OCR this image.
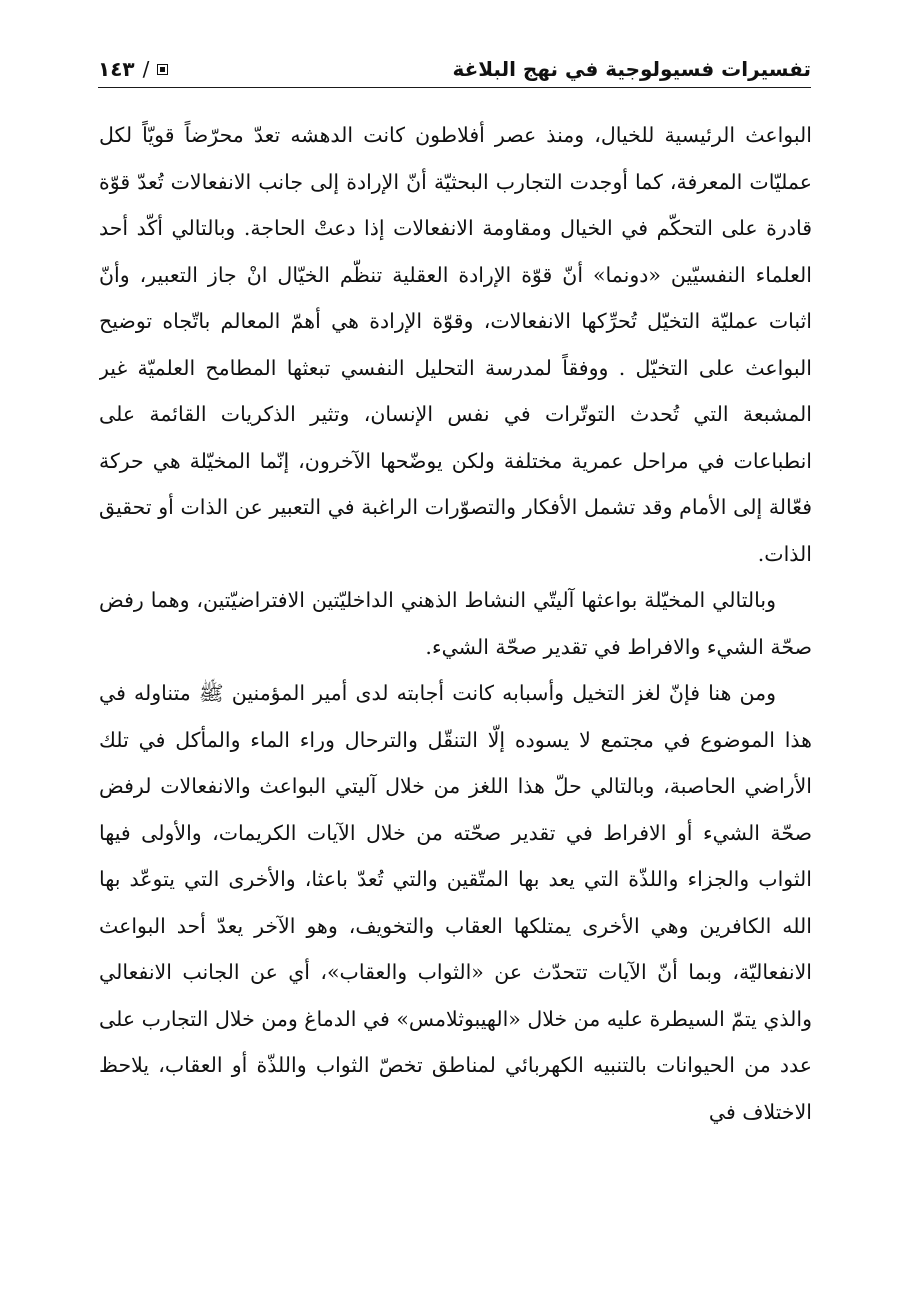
تفسيرات فسيولوجية في نهج البلاغة
١٤٣ /

البواعث الرئيسية للخيال، ومنذ عصر أفلاطون كانت الدهشه تعدّ محرّضاً قويّاً لكل عمليّات المعرفة، كما أوجدت التجارب البحثيّة أنّ الإرادة إلى جانب الانفعالات تُعدّ قوّة قادرة على التحكّم في الخيال ومقاومة الانفعالات إذا دعتْ الحاجة. وبالتالي أكّد أحد العلماء النفسيّين «دونما» أنّ قوّة الإرادة العقلية تنظّم الخيّال انْ جاز التعبير، وأنّ اثبات عمليّة التخيّل تُحرِّكها الانفعالات، وقوّة الإرادة هي أهمّ المعالم باتّجاه توضيح البواعث على التخيّل . ووفقاً لمدرسة التحليل النفسي تبعثها المطامح العلميّة غير المشبعة التي تُحدث التوتّرات في نفس الإنسان، وتثير الذكريات القائمة على انطباعات في مراحل عمرية مختلفة ولكن يوضّحها الآخرون، إنّما المخيّلة هي حركة فعّالة إلى الأمام وقد تشمل الأفكار والتصوّرات الراغبة في التعبير عن الذات أو تحقيق الذات.

وبالتالي المخيّلة بواعثها آليتّي النشاط الذهني الداخليّتين الافتراضيّتين، وهما رفض صحّة الشيء والافراط في تقدير صحّة الشيء.

ومن هنا فإنّ لغز التخيل وأسبابه كانت أجابته لدى أمير المؤمنين ﷺ متناوله في هذا الموضوع في مجتمع لا يسوده إلّا التنقّل والترحال وراء الماء والمأكل في تلك الأراضي الحاصبة، وبالتالي حلّ هذا اللغز من خلال آليتي البواعث والانفعالات لرفض صحّة الشيء أو الافراط في تقدير صحّته من خلال الآيات الكريمات، والأولى فيها الثواب والجزاء واللذّة التي يعد بها المتّقين والتي تُعدّ باعثا، والأخرى التي يتوعّد بها الله الكافرين وهي الأخرى يمتلكها العقاب والتخويف، وهو الآخر يعدّ أحد البواعث الانفعاليّة، وبما أنّ الآيات تتحدّث عن «الثواب والعقاب»، أي عن الجانب الانفعالي والذي يتمّ السيطرة عليه من خلال «الهيبوثلامس» في الدماغ ومن خلال التجارب على عدد من الحيوانات بالتنبيه الكهربائي لمناطق تخصّ الثواب واللذّة أو العقاب، يلاحظ الاختلاف في
